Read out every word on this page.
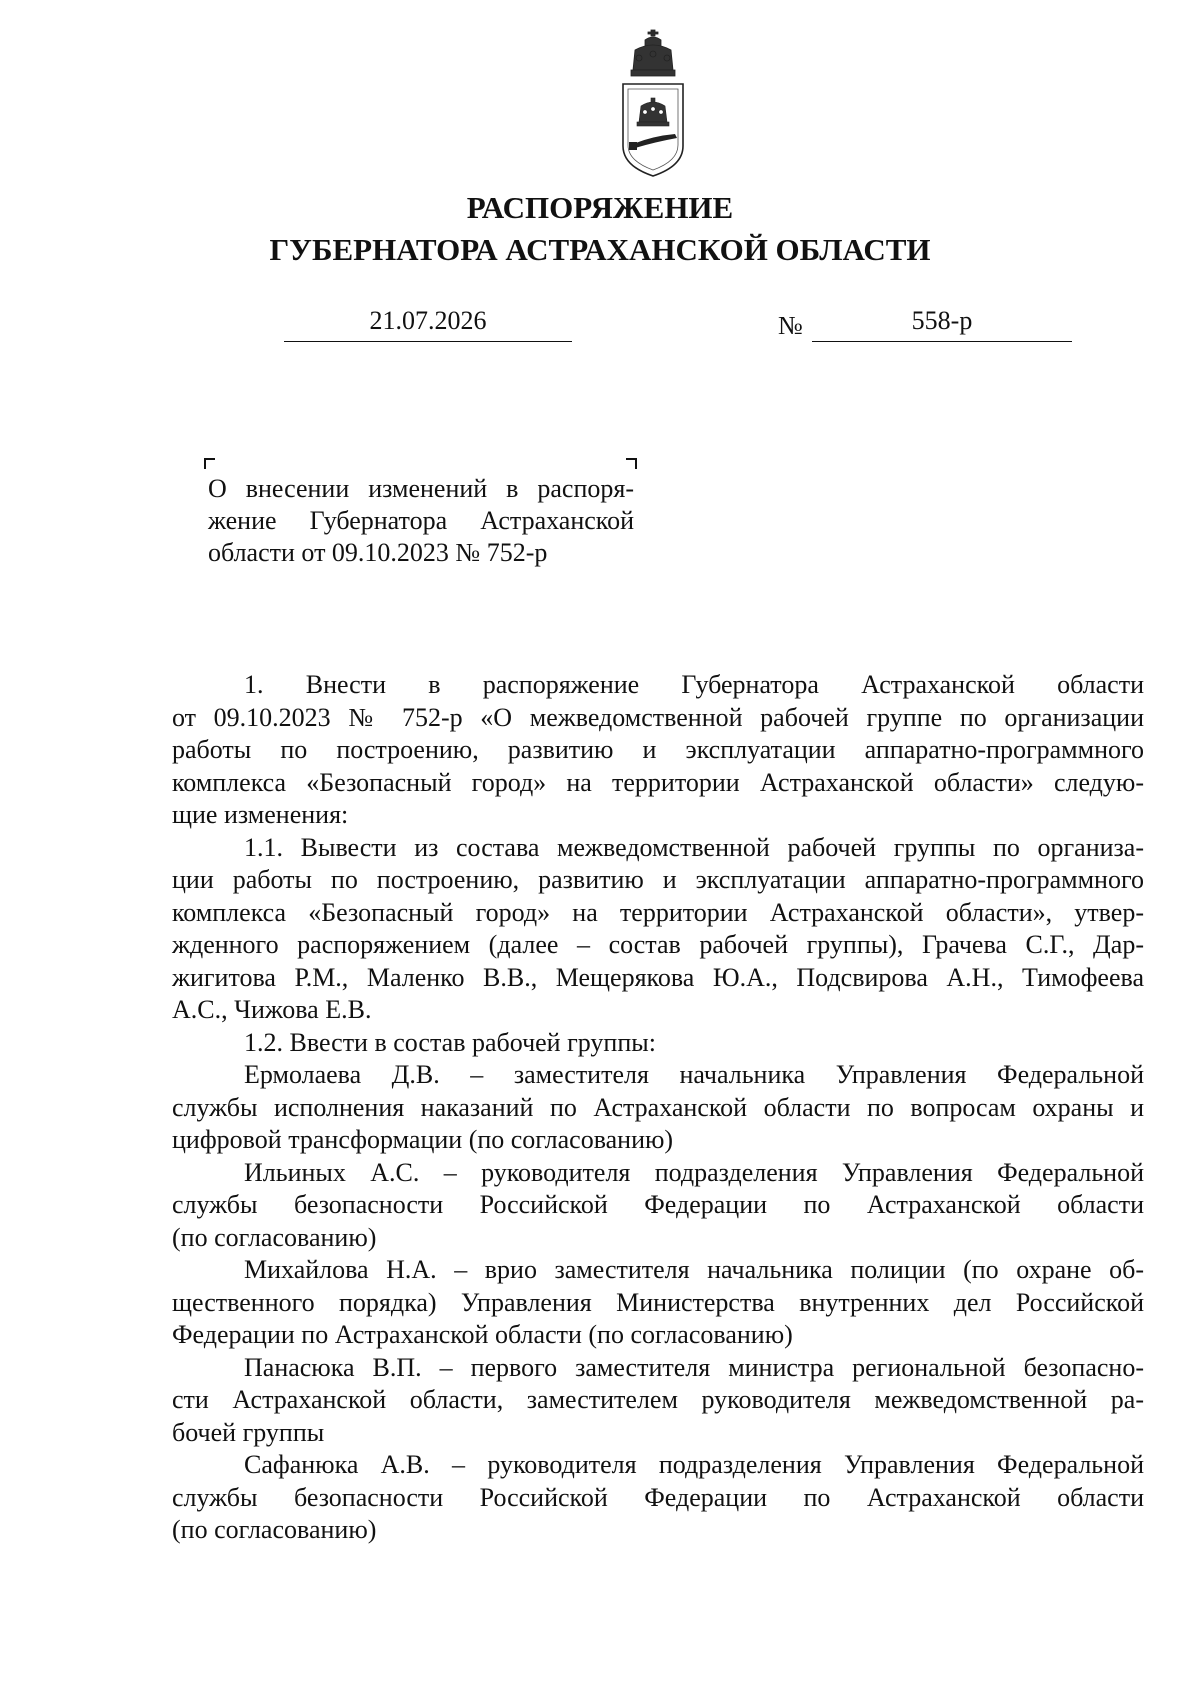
РАСПОРЯЖЕНИЕ
ГУБЕРНАТОРА АСТРАХАНСКОЙ ОБЛАСТИ
21.07.2026	№	558-р
О внесении изменений в распоря-
жение Губернатора Астраханской
области от 09.10.2023 № 752-р
1. Внести в распоряжение Губернатора Астраханской области
от 09.10.2023 № 752-р «О межведомственной рабочей группе по организации
работы по построению, развитию и эксплуатации аппаратно-программного
комплекса «Безопасный город» на территории Астраханской области» следую-
щие изменения:
1.1. Вывести из состава межведомственной рабочей группы по организа-
ции работы по построению, развитию и эксплуатации аппаратно-программного
комплекса «Безопасный город» на территории Астраханской области», утвер-
жденного распоряжением (далее – состав рабочей группы), Грачева С.Г., Дар-
жигитова Р.М., Маленко В.В., Мещерякова Ю.А., Подсвирова А.Н., Тимофеева
А.С., Чижова Е.В.
1.2. Ввести в состав рабочей группы:
Ермолаева Д.В. – заместителя начальника Управления Федеральной
службы исполнения наказаний по Астраханской области по вопросам охраны и
цифровой трансформации (по согласованию)
Ильиных А.С. – руководителя подразделения Управления Федеральной
службы безопасности Российской Федерации по Астраханской области
(по согласованию)
Михайлова Н.А. – врио заместителя начальника полиции (по охране об-
щественного порядка) Управления Министерства внутренних дел Российской
Федерации по Астраханской области (по согласованию)
Панасюка В.П. – первого заместителя министра региональной безопасно-
сти Астраханской области, заместителем руководителя межведомственной ра-
бочей группы
Сафанюка А.В. – руководителя подразделения Управления Федеральной
службы безопасности Российской Федерации по Астраханской области
(по согласованию)
